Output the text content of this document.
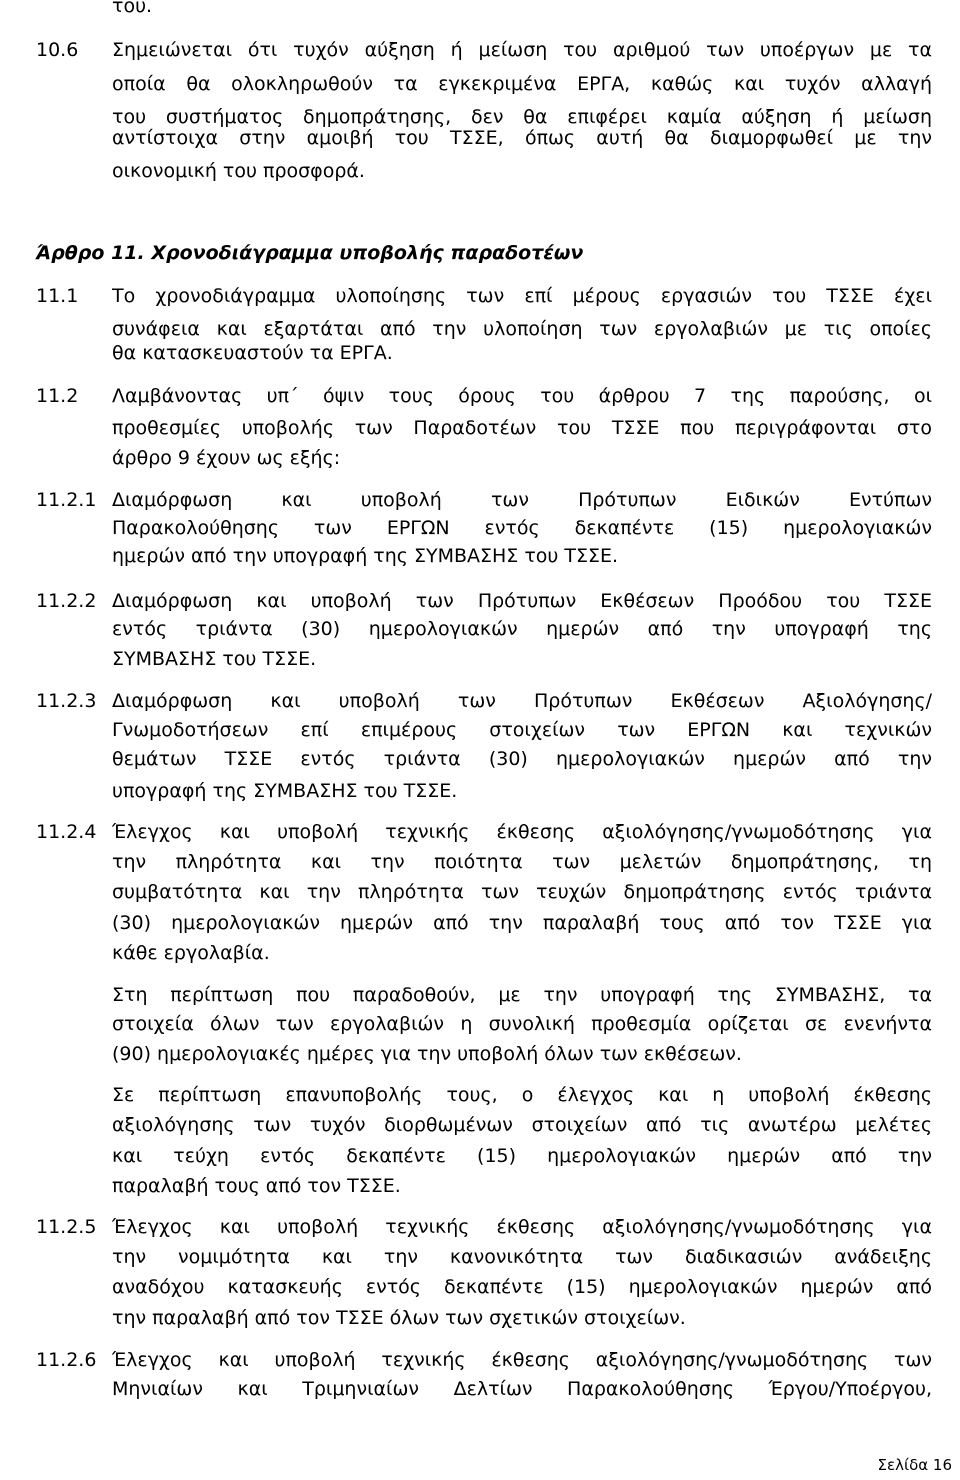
του.
10.6 Σημειώνεται ότι τυχόν αύξηση ή μείωση του αριθμού των υποέργων με τα
οποία θα ολοκληρωθούν τα εγκεκριμένα ΕΡΓΑ, καθώς και τυχόν αλλαγή
του συστήματος δημοπράτησης, δεν θα επιφέρει καμία αύξηση ή μείωση
αντίστοιχα στην αμοιβή του ΤΣΣΕ, όπως αυτή θα διαμορφωθεί με την
οικονομική του προσφορά.
Άρθρο 11. Χρονοδιάγραμμα υποβολής παραδοτέων
11.1 Το χρονοδιάγραμμα υλοποίησης των επί μέρους εργασιών του ΤΣΣΕ έχει
συνάφεια και εξαρτάται από την υλοποίηση των εργολαβιών με τις οποίες
θα κατασκευαστούν τα ΕΡΓΑ.
11.2 Λαμβάνοντας υπ΄ όψιν τους όρους του άρθρου 7 της παρούσης, οι
προθεσμίες υποβολής των Παραδοτέων του ΤΣΣΕ που περιγράφονται στο
άρθρο 9 έχουν ως εξής:
11.2.1 Διαμόρφωση και υποβολή των Πρότυπων Ειδικών Εντύπων
Παρακολούθησης των ΕΡΓΩΝ εντός δεκαπέντε (15) ημερολογιακών
ημερών από την υπογραφή της ΣΥΜΒΑΣΗΣ του ΤΣΣΕ.
11.2.2 Διαμόρφωση και υποβολή των Πρότυπων Εκθέσεων Προόδου του ΤΣΣΕ
εντός τριάντα (30) ημερολογιακών ημερών από την υπογραφή της
ΣΥΜΒΑΣΗΣ του ΤΣΣΕ.
11.2.3 Διαμόρφωση και υποβολή των Πρότυπων Εκθέσεων Αξιολόγησης/
Γνωμοδοτήσεων επί επιμέρους στοιχείων των ΕΡΓΩΝ και τεχνικών
θεμάτων ΤΣΣΕ εντός τριάντα (30) ημερολογιακών ημερών από την
υπογραφή της ΣΥΜΒΑΣΗΣ του ΤΣΣΕ.
11.2.4 Έλεγχος και υποβολή τεχνικής έκθεσης αξιολόγησης/γνωμοδότησης για
την πληρότητα και την ποιότητα των μελετών δημοπράτησης, τη
συμβατότητα και την πληρότητα των τευχών δημοπράτησης εντός τριάντα
(30) ημερολογιακών ημερών από την παραλαβή τους από τον ΤΣΣΕ για
κάθε εργολαβία.
Στη περίπτωση που παραδοθούν, με την υπογραφή της ΣΥΜΒΑΣΗΣ, τα
στοιχεία όλων των εργολαβιών η συνολική προθεσμία ορίζεται σε ενενήντα
(90) ημερολογιακές ημέρες για την υποβολή όλων των εκθέσεων.
Σε περίπτωση επανυποβολής τους, ο έλεγχος και η υποβολή έκθεσης
αξιολόγησης των τυχόν διορθωμένων στοιχείων από τις ανωτέρω μελέτες
και τεύχη εντός δεκαπέντε (15) ημερολογιακών ημερών από την
παραλαβή τους από τον ΤΣΣΕ.
11.2.5 Έλεγχος και υποβολή τεχνικής έκθεσης αξιολόγησης/γνωμοδότησης για
την νομιμότητα και την κανονικότητα των διαδικασιών ανάδειξης
αναδόχου κατασκευής εντός δεκαπέντε (15) ημερολογιακών ημερών από
την παραλαβή από τον ΤΣΣΕ όλων των σχετικών στοιχείων.
11.2.6 Έλεγχος και υποβολή τεχνικής έκθεσης αξιολόγησης/γνωμοδότησης των
Μηνιαίων και Τριμηνιαίων Δελτίων Παρακολούθησης Έργου/Υποέργου,
Σελίδα 16
